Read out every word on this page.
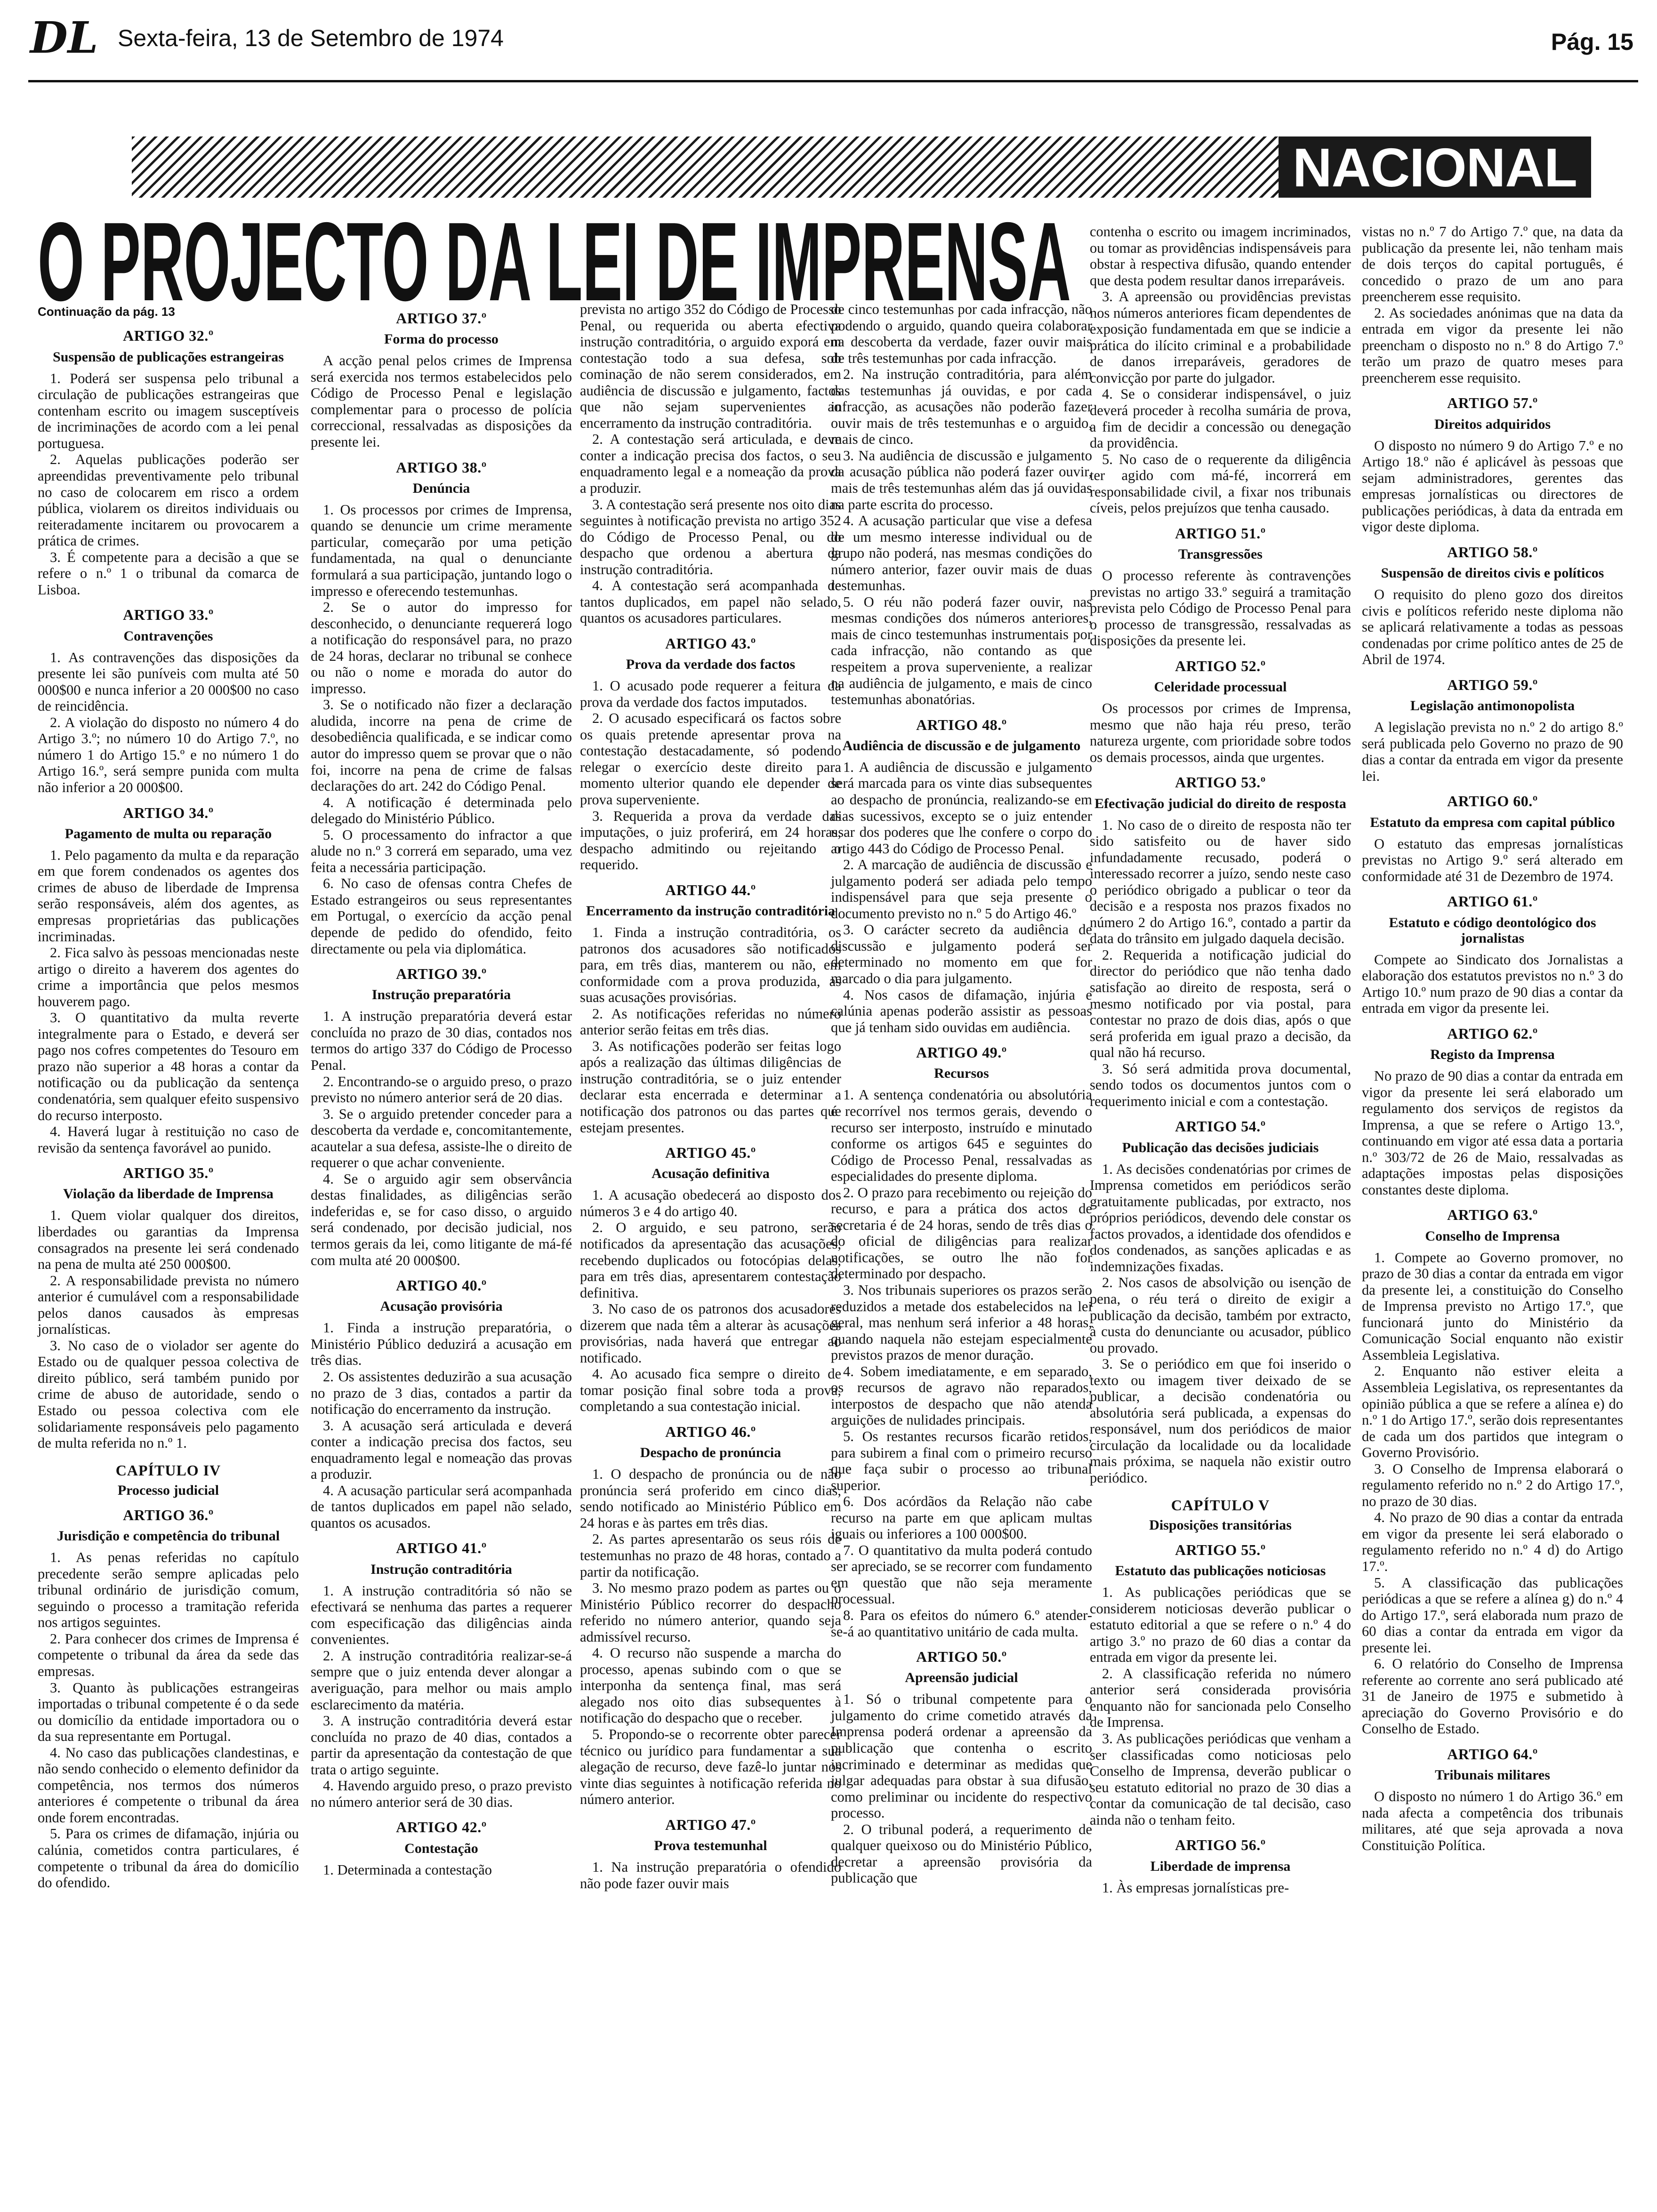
DL Sexta-feira, 13 de Setembro de 1974	Pág. 15
NACIONAL
O PROJECTO DA LEI DE IMPRENSA
Continuação da pág. 13
ARTIGO 32.º
Suspensão de publicações estrangeiras

1. Poderá ser suspensa pelo tribunal a circulação de publicações estrangeiras que contenham escrito ou imagem susceptíveis de incriminações de acordo com a lei penal portuguesa.

2. Aquelas publicações poderão ser apreendidas preventivamente pelo tribunal no caso de colocarem em risco a ordem pública, violarem os direitos individuais ou reiteradamente incitarem ou provocarem a prática de crimes.

3. É competente para a decisão a que se refere o n.º 1 o tribunal da comarca de Lisboa.

ARTIGO 33.º
Contravenções

1. As contravenções das disposições da presente lei são puníveis com multa até 50 000$00 e nunca inferior a 20 000$00 no caso de reincidência.

2. A violação do disposto no número 4 do Artigo 3.º; no número 10 do Artigo 7.º, no número 1 do Artigo 15.º e no número 1 do Artigo 16.º, será sempre punida com multa não inferior a 20 000$00.

ARTIGO 34.º
Pagamento de multa ou reparação

1. Pelo pagamento da multa e da reparação em que forem condenados os agentes dos crimes de abuso de liberdade de Imprensa serão responsáveis, além dos agentes, as empresas proprietárias das publicações incriminadas.

2. Fica salvo às pessoas mencionadas neste artigo o direito a haverem dos agentes do crime a importância que pelos mesmos houverem pago.

3. O quantitativo da multa reverte integralmente para o Estado, e deverá ser pago nos cofres competentes do Tesouro em prazo não superior a 48 horas a contar da notificação ou da publicação da sentença condenatória, sem qualquer efeito suspensivo do recurso interposto.

4. Haverá lugar à restituição no caso de revisão da sentença favorável ao punido.

ARTIGO 35.º
Violação da liberdade de Imprensa

1. Quem violar qualquer dos direitos, liberdades ou garantias da Imprensa consagrados na presente lei será condenado na pena de multa até 250 000$00.

2. A responsabilidade prevista no número anterior é cumulável com a responsabilidade pelos danos causados às empresas jornalísticas.

3. No caso de o violador ser agente do Estado ou de qualquer pessoa colectiva de direito público, será também punido por crime de abuso de autoridade, sendo o Estado ou pessoa colectiva com ele solidariamente responsáveis pelo pagamento de multa referida no n.º 1.

CAPÍTULO IV
Processo judicial
ARTIGO 36.º
Jurisdição e competência do tribunal

1. As penas referidas no capítulo precedente serão sempre aplicadas pelo tribunal ordinário de jurisdição comum, seguindo o processo a tramitação referida nos artigos seguintes.

2. Para conhecer dos crimes de Imprensa é competente o tribunal da área da sede das empresas.

3. Quanto às publicações estrangeiras importadas o tribunal competente é o da sede ou domicílio da entidade importadora ou o da sua representante em Portugal.

4. No caso das publicações clandestinas, e não sendo conhecido o elemento definidor da competência, nos termos dos números anteriores é competente o tribunal da área onde forem encontradas.

5. Para os crimes de difamação, injúria ou calúnia, cometidos contra particulares, é competente o tribunal da área do domicílio do ofendido.

ARTIGO 37.º
Forma do processo

A acção penal pelos crimes de Imprensa será exercida nos termos estabelecidos pelo Código de Processo Penal e legislação complementar para o processo de polícia correccional, ressalvadas as disposições da presente lei.

ARTIGO 38.º
Denúncia

1. Os processos por crimes de Imprensa, quando se denuncie um crime meramente particular, começarão por uma petição fundamentada, na qual o denunciante formulará a sua participação, juntando logo o impresso e oferecendo testemunhas.

2. Se o autor do impresso for desconhecido, o denunciante requererá logo a notificação do responsável para, no prazo de 24 horas, declarar no tribunal se conhece ou não o nome e morada do autor do impresso.

3. Se o notificado não fizer a declaração aludida, incorre na pena de crime de desobediência qualificada, e se indicar como autor do impresso quem se provar que o não foi, incorre na pena de crime de falsas declarações do art. 242 do Código Penal.

4. A notificação é determinada pelo delegado do Ministério Público.

5. O processamento do infractor a que alude no n.º 3 correrá em separado, uma vez feita a necessária participação.

6. No caso de ofensas contra Chefes de Estado estrangeiros ou seus representantes em Portugal, o exercício da acção penal depende de pedido do ofendido, feito directamente ou pela via diplomática.

ARTIGO 39.º
Instrução preparatória

1. A instrução preparatória deverá estar concluída no prazo de 30 dias, contados nos termos do artigo 337 do Código de Processo Penal.

2. Encontrando-se o arguido preso, o prazo previsto no número anterior será de 20 dias.

3. Se o arguido pretender conceder para a descoberta da verdade e, concomitantemente, acautelar a sua defesa, assiste-lhe o direito de requerer o que achar conveniente.

4. Se o arguido agir sem observância destas finalidades, as diligências serão indeferidas e, se for caso disso, o arguido será condenado, por decisão judicial, nos termos gerais da lei, como litigante de má-fé com multa até 20 000$00.

ARTIGO 40.º
Acusação provisória

1. Finda a instrução preparatória, o Ministério Público deduzirá a acusação em três dias.

2. Os assistentes deduzirão a sua acusação no prazo de 3 dias, contados a partir da notificação do encerramento da instrução.

3. A acusação será articulada e deverá conter a indicação precisa dos factos, seu enquadramento legal e nomeação das provas a produzir.

4. A acusação particular será acompanhada de tantos duplicados em papel não selado, quantos os acusados.

ARTIGO 41.º
Instrução contraditória

1. A instrução contraditória só não se efectivará se nenhuma das partes a requerer com especificação das diligências ainda convenientes.

2. A instrução contraditória realizar-se-á sempre que o juiz entenda dever alongar a averiguação, para melhor ou mais amplo esclarecimento da matéria.

3. A instrução contraditória deverá estar concluída no prazo de 40 dias, contados a partir da apresentação da contestação de que trata o artigo seguinte.

4. Havendo arguido preso, o prazo previsto no número anterior será de 30 dias.

ARTIGO 42.º
Contestação

1. Determinada a contestação

prevista no artigo 352 do Código de Processo Penal, ou requerida ou aberta efectiva instrução contraditória, o arguido exporá em contestação todo a sua defesa, sob cominação de não serem considerados, em audiência de discussão e julgamento, factos que não sejam supervenientes ao encerramento da instrução contraditória.

2. A contestação será articulada, e deve conter a indicação precisa dos factos, o seu enquadramento legal e a nomeação da prova a produzir.

3. A contestação será presente nos oito dias seguintes à notificação prevista no artigo 352 do Código de Processo Penal, ou do despacho que ordenou a abertura da instrução contraditória.

4. A contestação será acompanhada de tantos duplicados, em papel não selado, quantos os acusadores particulares.

ARTIGO 43.º
Prova da verdade dos factos

1. O acusado pode requerer a feitura da prova da verdade dos factos imputados.

2. O acusado especificará os factos sobre os quais pretende apresentar prova na contestação destacadamente, só podendo relegar o exercício deste direito para momento ulterior quando ele depender de prova superveniente.

3. Requerida a prova da verdade das imputações, o juiz proferirá, em 24 horas, despacho admitindo ou rejeitando o requerido.

ARTIGO 44.º
Encerramento da instrução contraditória

1. Finda a instrução contraditória, os patronos dos acusadores são notificados para, em três dias, manterem ou não, em conformidade com a prova produzida, as suas acusações provisórias.

2. As notificações referidas no número anterior serão feitas em três dias.

3. As notificações poderão ser feitas logo após a realização das últimas diligências de instrução contraditória, se o juiz entender declarar esta encerrada e determinar a notificação dos patronos ou das partes que estejam presentes.

ARTIGO 45.º
Acusação definitiva

1. A acusação obedecerá ao disposto dos números 3 e 4 do artigo 40.

2. O arguido, e seu patrono, serão notificados da apresentação das acusações, recebendo duplicados ou fotocópias delas, para em três dias, apresentarem contestação definitiva.

3. No caso de os patronos dos acusadores dizerem que nada têm a alterar às acusações provisórias, nada haverá que entregar ao notificado.

4. Ao acusado fica sempre o direito de tomar posição final sobre toda a prova, completando a sua contestação inicial.

ARTIGO 46.º
Despacho de pronúncia

1. O despacho de pronúncia ou de não pronúncia será proferido em cinco dias, sendo notificado ao Ministério Público em 24 horas e às partes em três dias.

2. As partes apresentarão os seus róis de testemunhas no prazo de 48 horas, contado a partir da notificação.

3. No mesmo prazo podem as partes ou o Ministério Público recorrer do despacho referido no número anterior, quando seja admissível recurso.

4. O recurso não suspende a marcha do processo, apenas subindo com o que se interponha da sentença final, mas será alegado nos oito dias subsequentes à notificação do despacho que o receber.

5. Propondo-se o recorrente obter parecer técnico ou jurídico para fundamentar a sua alegação de recurso, deve fazê-lo juntar nos vinte dias seguintes à notificação referida no número anterior.

ARTIGO 47.º
Prova testemunhal

1. Na instrução preparatória o ofendido não pode fazer ouvir mais

de cinco testemunhas por cada infracção, não podendo o arguido, quando queira colaborar na descoberta da verdade, fazer ouvir mais de três testemunhas por cada infracção.

2. Na instrução contraditória, para além das testemunhas já ouvidas, e por cada infracção, as acusações não poderão fazer ouvir mais de três testemunhas e o arguido, mais de cinco.

3. Na audiência de discussão e julgamento da acusação pública não poderá fazer ouvir, mais de três testemunhas além das já ouvidas na parte escrita do processo.

4. A acusação particular que vise a defesa de um mesmo interesse individual ou de grupo não poderá, nas mesmas condições do número anterior, fazer ouvir mais de duas testemunhas.

5. O réu não poderá fazer ouvir, nas mesmas condições dos números anteriores, mais de cinco testemunhas instrumentais por cada infracção, não contando as que respeitem a prova superveniente, a realizar na audiência de julgamento, e mais de cinco testemunhas abonatórias.

ARTIGO 48.º
Audiência de discussão e de julgamento

1. A audiência de discussão e julgamento será marcada para os vinte dias subsequentes ao despacho de pronúncia, realizando-se em dias sucessivos, excepto se o juiz entender usar dos poderes que lhe confere o corpo do artigo 443 do Código de Processo Penal.

2. A marcação de audiência de discussão e julgamento poderá ser adiada pelo tempo indispensável para que seja presente o documento previsto no n.º 5 do Artigo 46.º

3. O carácter secreto da audiência de discussão e julgamento poderá ser determinado no momento em que for marcado o dia para julgamento.

4. Nos casos de difamação, injúria e calúnia apenas poderão assistir as pessoas que já tenham sido ouvidas em audiência.

ARTIGO 49.º
Recursos

1. A sentença condenatória ou absolutória é recorrível nos termos gerais, devendo o recurso ser interposto, instruído e minutado conforme os artigos 645 e seguintes do Código de Processo Penal, ressalvadas as especialidades do presente diploma.

2. O prazo para recebimento ou rejeição do recurso, e para a prática dos actos de secretaria é de 24 horas, sendo de três dias o do oficial de diligências para realizar notificações, se outro lhe não for determinado por despacho.

3. Nos tribunais superiores os prazos serão reduzidos a metade dos estabelecidos na lei geral, mas nenhum será inferior a 48 horas, quando naquela não estejam especialmente previstos prazos de menor duração.

4. Sobem imediatamente, e em separado, os recursos de agravo não reparados, interpostos de despacho que não atenda arguições de nulidades principais.

5. Os restantes recursos ficarão retidos, para subirem a final com o primeiro recurso que faça subir o processo ao tribunal superior.

6. Dos acórdãos da Relação não cabe recurso na parte em que aplicam multas iguais ou inferiores a 100 000$00.

7. O quantitativo da multa poderá contudo ser apreciado, se se recorrer com fundamento em questão que não seja meramente processual.

8. Para os efeitos do número 6.º atender-se-á ao quantitativo unitário de cada multa.

ARTIGO 50.º
Apreensão judicial

1. Só o tribunal competente para o julgamento do crime cometido através da Imprensa poderá ordenar a apreensão da publicação que contenha o escrito incriminado e determinar as medidas que julgar adequadas para obstar à sua difusão, como preliminar ou incidente do respectivo processo.

2. O tribunal poderá, a requerimento de qualquer queixoso ou do Ministério Público, decretar a apreensão provisória da publicação que

contenha o escrito ou imagem incriminados, ou tomar as providências indispensáveis para obstar à respectiva difusão, quando entender que desta podem resultar danos irreparáveis.

3. A apreensão ou providências previstas nos números anteriores ficam dependentes de exposição fundamentada em que se indicie a prática do ilícito criminal e a probabilidade de danos irreparáveis, geradores de convicção por parte do julgador.

4. Se o considerar indispensável, o juiz deverá proceder à recolha sumária de prova, a fim de decidir a concessão ou denegação da providência.

5. No caso de o requerente da diligência ter agido com má-fé, incorrerá em responsabilidade civil, a fixar nos tribunais cíveis, pelos prejuízos que tenha causado.

ARTIGO 51.º
Transgressões

O processo referente às contravenções previstas no artigo 33.º seguirá a tramitação prevista pelo Código de Processo Penal para o processo de transgressão, ressalvadas as disposições da presente lei.

ARTIGO 52.º
Celeridade processual

Os processos por crimes de Imprensa, mesmo que não haja réu preso, terão natureza urgente, com prioridade sobre todos os demais processos, ainda que urgentes.

ARTIGO 53.º
Efectivação judicial do direito de resposta

1. No caso de o direito de resposta não ter sido satisfeito ou de haver sido infundadamente recusado, poderá o interessado recorrer a juízo, sendo neste caso o periódico obrigado a publicar o teor da decisão e a resposta nos prazos fixados no número 2 do Artigo 16.º, contado a partir da data do trânsito em julgado daquela decisão.

2. Requerida a notificação judicial do director do periódico que não tenha dado satisfação ao direito de resposta, será o mesmo notificado por via postal, para contestar no prazo de dois dias, após o que será proferida em igual prazo a decisão, da qual não há recurso.

3. Só será admitida prova documental, sendo todos os documentos juntos com o requerimento inicial e com a contestação.

ARTIGO 54.º
Publicação das decisões judiciais

1. As decisões condenatórias por crimes de Imprensa cometidos em periódicos serão gratuitamente publicadas, por extracto, nos próprios periódicos, devendo dele constar os factos provados, a identidade dos ofendidos e dos condenados, as sanções aplicadas e as indemnizações fixadas.

2. Nos casos de absolvição ou isenção de pena, o réu terá o direito de exigir a publicação da decisão, também por extracto, à custa do denunciante ou acusador, público ou provado.

3. Se o periódico em que foi inserido o texto ou imagem tiver deixado de se publicar, a decisão condenatória ou absolutória será publicada, a expensas do responsável, num dos periódicos de maior circulação da localidade ou da localidade mais próxima, se naquela não existir outro periódico.

CAPÍTULO V
Disposições transitórias
ARTIGO 55.º
Estatuto das publicações noticiosas

1. As publicações periódicas que se considerem noticiosas deverão publicar o estatuto editorial a que se refere o n.º 4 do artigo 3.º no prazo de 60 dias a contar da entrada em vigor da presente lei.

2. A classificação referida no número anterior será considerada provisória enquanto não for sancionada pelo Conselho de Imprensa.

3. As publicações periódicas que venham a ser classificadas como noticiosas pelo Conselho de Imprensa, deverão publicar o seu estatuto editorial no prazo de 30 dias a contar da comunicação de tal decisão, caso ainda não o tenham feito.

ARTIGO 56.º
Liberdade de imprensa

1. Às empresas jornalísticas pre-

vistas no n.º 7 do Artigo 7.º que, na data da publicação da presente lei, não tenham mais de dois terços do capital português, é concedido o prazo de um ano para preencherem esse requisito.

2. As sociedades anónimas que na data da entrada em vigor da presente lei não preencham o disposto no n.º 8 do Artigo 7.º terão um prazo de quatro meses para preencherem esse requisito.

ARTIGO 57.º
Direitos adquiridos

O disposto no número 9 do Artigo 7.º e no Artigo 18.º não é aplicável às pessoas que sejam administradores, gerentes das empresas jornalísticas ou directores de publicações periódicas, à data da entrada em vigor deste diploma.

ARTIGO 58.º
Suspensão de direitos civis e políticos

O requisito do pleno gozo dos direitos civis e políticos referido neste diploma não se aplicará relativamente a todas as pessoas condenadas por crime político antes de 25 de Abril de 1974.

ARTIGO 59.º
Legislação antimonopolista

A legislação prevista no n.º 2 do artigo 8.º será publicada pelo Governo no prazo de 90 dias a contar da entrada em vigor da presente lei.

ARTIGO 60.º
Estatuto da empresa com capital público

O estatuto das empresas jornalísticas previstas no Artigo 9.º será alterado em conformidade até 31 de Dezembro de 1974.

ARTIGO 61.º
Estatuto e código deontológico dos jornalistas

Compete ao Sindicato dos Jornalistas a elaboração dos estatutos previstos no n.º 3 do Artigo 10.º num prazo de 90 dias a contar da entrada em vigor da presente lei.

ARTIGO 62.º
Registo da Imprensa

No prazo de 90 dias a contar da entrada em vigor da presente lei será elaborado um regulamento dos serviços de registos da Imprensa, a que se refere o Artigo 13.º, continuando em vigor até essa data a portaria n.º 303/72 de 26 de Maio, ressalvadas as adaptações impostas pelas disposições constantes deste diploma.

ARTIGO 63.º
Conselho de Imprensa

1. Compete ao Governo promover, no prazo de 30 dias a contar da entrada em vigor da presente lei, a constituição do Conselho de Imprensa previsto no Artigo 17.º, que funcionará junto do Ministério da Comunicação Social enquanto não existir Assembleia Legislativa.

2. Enquanto não estiver eleita a Assembleia Legislativa, os representantes da opinião pública a que se refere a alínea e) do n.º 1 do Artigo 17.º, serão dois representantes de cada um dos partidos que integram o Governo Provisório.

3. O Conselho de Imprensa elaborará o regulamento referido no n.º 2 do Artigo 17.º, no prazo de 30 dias.

4. No prazo de 90 dias a contar da entrada em vigor da presente lei será elaborado o regulamento referido no n.º 4 d) do Artigo 17.º.

5. A classificação das publicações periódicas a que se refere a alínea g) do n.º 4 do Artigo 17.º, será elaborada num prazo de 60 dias a contar da entrada em vigor da presente lei.

6. O relatório do Conselho de Imprensa referente ao corrente ano será publicado até 31 de Janeiro de 1975 e submetido à apreciação do Governo Provisório e do Conselho de Estado.

ARTIGO 64.º
Tribunais militares

O disposto no número 1 do Artigo 36.º em nada afecta a competência dos tribunais militares, até que seja aprovada a nova Constituição Política.
